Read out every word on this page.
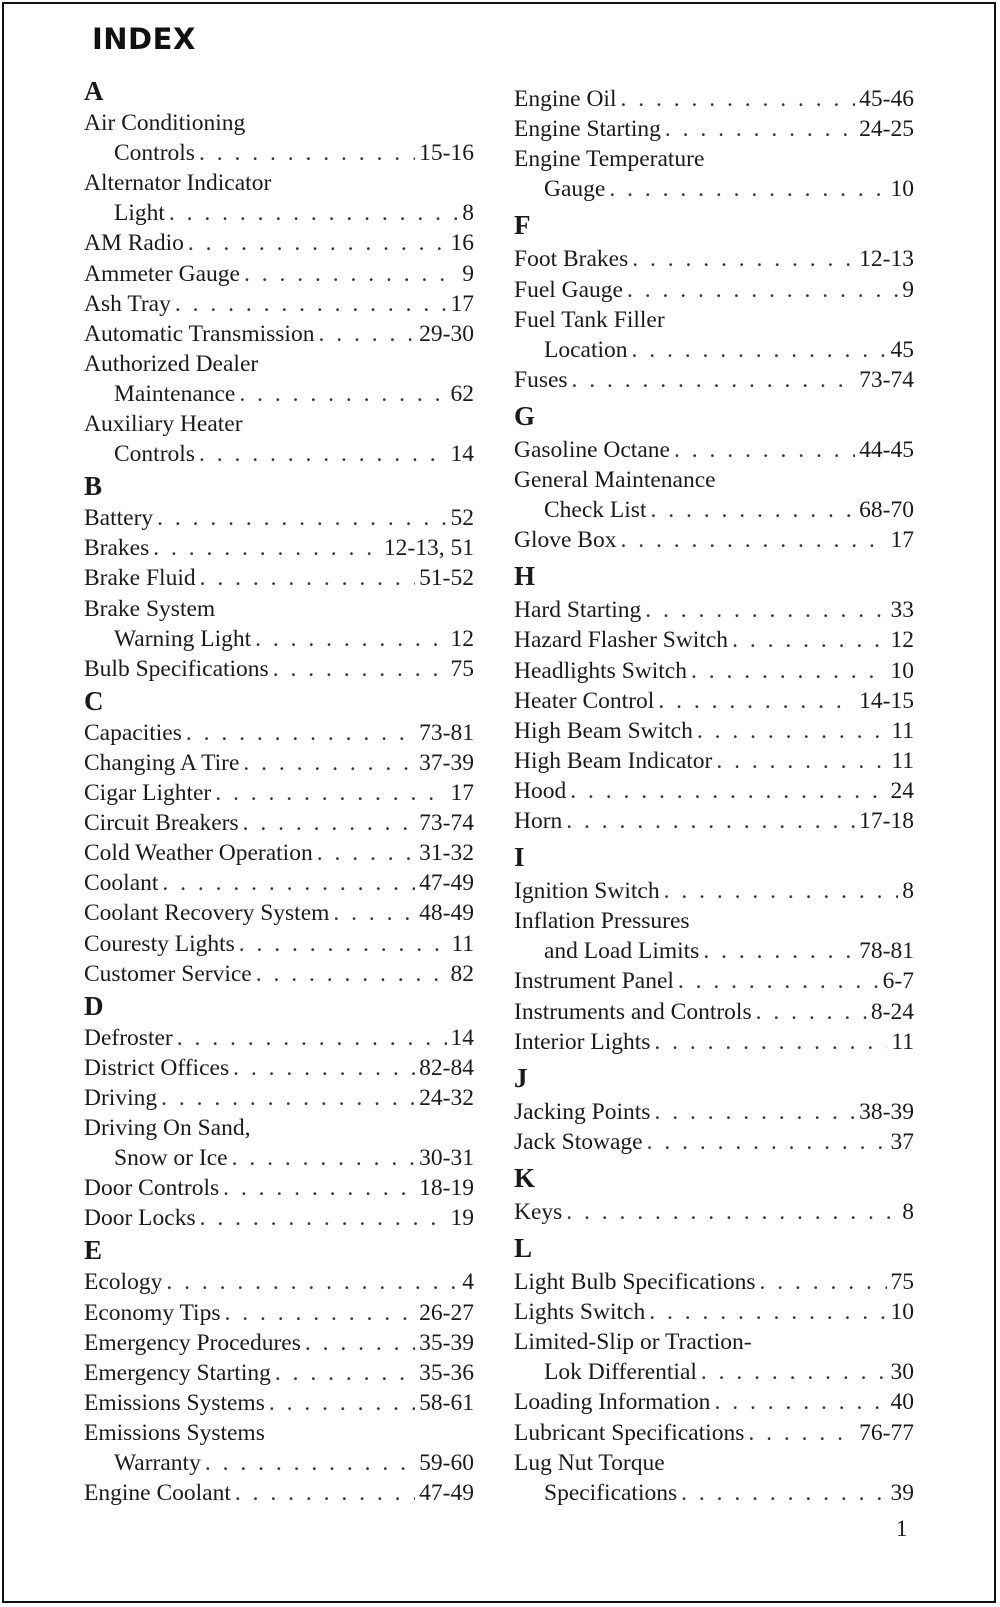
INDEX
A
Air Conditioning
Controls . . .	15-16
Alternator Indicator
Light . . .	8
AM Radio . . .	16
Ammeter Gauge . . .	9
Ash Tray . . .	17
Automatic Transmission . . .	29-30
Authorized Dealer
Maintenance . . .	62
Auxiliary Heater
Controls . . .	14
B
Battery . . .	52
Brakes . . .	12-13, 51
Brake Fluid . . .	51-52
Brake System
Warning Light . . .	12
Bulb Specifications . . .	75
C
Capacities . . .	73-81
Changing A Tire . . .	37-39
Cigar Lighter . . .	17
Circuit Breakers . . .	73-74
Cold Weather Operation . . .	31-32
Coolant . . .	47-49
Coolant Recovery System . . .	48-49
Couresty Lights . . .	11
Customer Service . . .	82
D
Defroster . . .	14
District Offices . . .	82-84
Driving . . .	24-32
Driving On Sand,
Snow or Ice . . .	30-31
Door Controls . . .	18-19
Door Locks . . .	19
E
Ecology . . .	4
Economy Tips . . .	26-27
Emergency Procedures . . .	35-39
Emergency Starting . . .	35-36
Emissions Systems . . .	58-61
Emissions Systems
Warranty . . .	59-60
Engine Coolant . . .	47-49
Engine Oil . . .	45-46
Engine Starting . . .	24-25
Engine Temperature
Gauge . . .	10
F
Foot Brakes . . .	12-13
Fuel Gauge . . .	9
Fuel Tank Filler
Location . . .	45
Fuses . . .	73-74
G
Gasoline Octane . . .	44-45
General Maintenance
Check List . . .	68-70
Glove Box . . .	17
H
Hard Starting . . .	33
Hazard Flasher Switch . . .	12
Headlights Switch . . .	10
Heater Control . . .	14-15
High Beam Switch . . .	11
High Beam Indicator . . .	11
Hood . . .	24
Horn . . .	17-18
I
Ignition Switch . . .	8
Inflation Pressures
and Load Limits . . .	78-81
Instrument Panel . . .	6-7
Instruments and Controls . . .	8-24
Interior Lights . . .	11
J
Jacking Points . . .	38-39
Jack Stowage . . .	37
K
Keys . . .	8
L
Light Bulb Specifications . . .	75
Lights Switch . . .	10
Limited-Slip or Traction-
Lok Differential . . .	30
Loading Information . . .	40
Lubricant Specifications . . .	76-77
Lug Nut Torque
Specifications . . .	39
1
